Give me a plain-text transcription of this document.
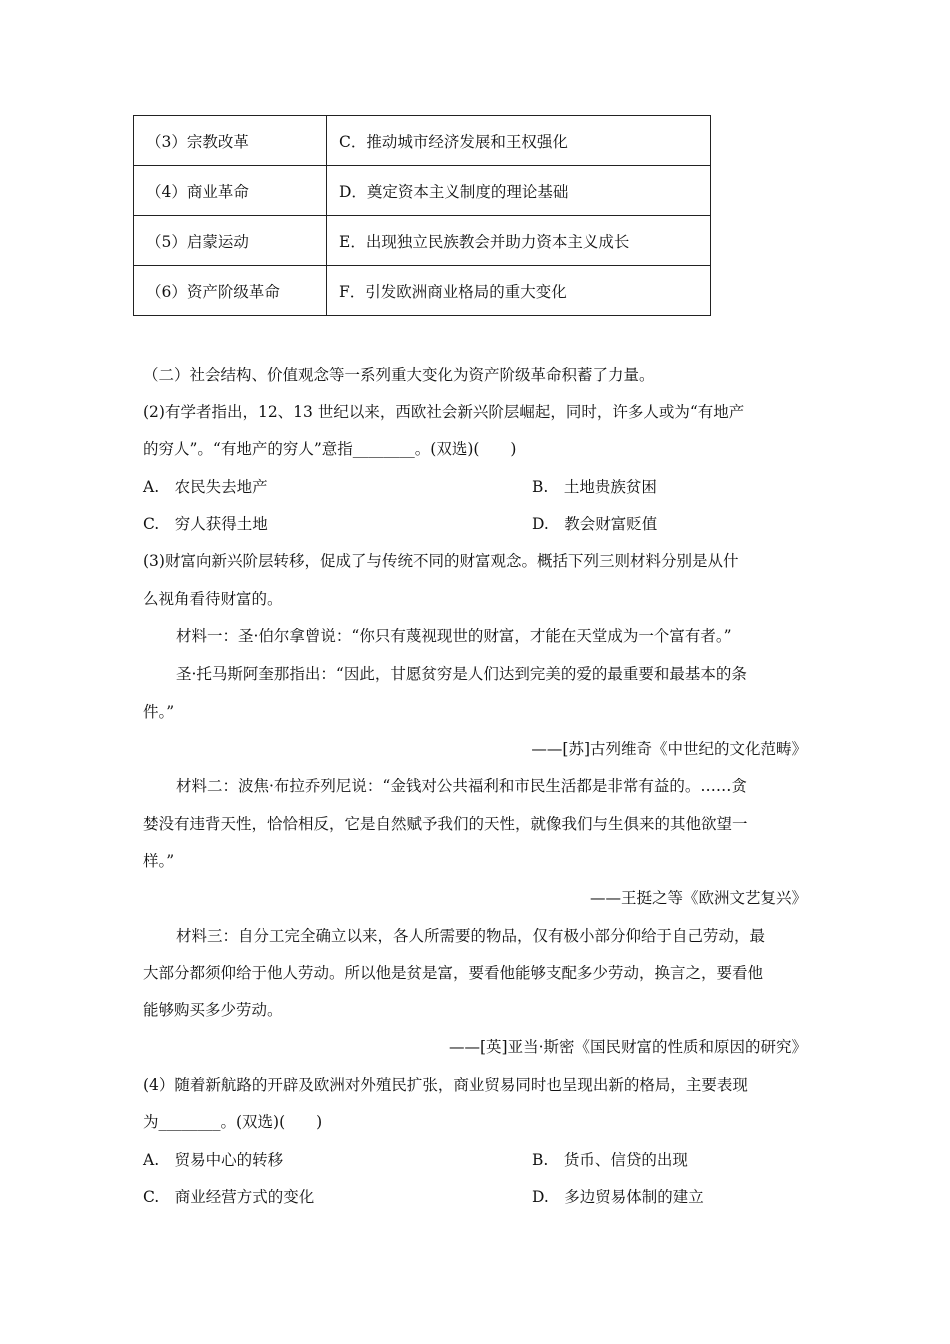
（3）宗教改革	C．推动城市经济发展和王权强化
（4）商业革命	D．奠定资本主义制度的理论基础
（5）启蒙运动	E．出现独立民族教会并助力资本主义成长
（6）资产阶级革命	F．引发欧洲商业格局的重大变化
（二）社会结构、价值观念等一系列重大变化为资产阶级革命积蓄了力量。
(2)有学者指出，12、13 世纪以来，西欧社会新兴阶层崛起，同时，许多人或为“有地产
的穷人”。“有地产的穷人”意指________。(双选)(　　)
A.　农民失去地产	B.　土地贵族贫困
C.　穷人获得土地	D.　教会财富贬值
(3)财富向新兴阶层转移，促成了与传统不同的财富观念。概括下列三则材料分别是从什
么视角看待财富的。
材料一：圣·伯尔拿曾说：“你只有蔑视现世的财富，才能在天堂成为一个富有者。”
圣·托马斯阿奎那指出：“因此，甘愿贫穷是人们达到完美的爱的最重要和最基本的条
件。”
——[苏]古列维奇《中世纪的文化范畴》
材料二：波焦·布拉乔列尼说：“金钱对公共福利和市民生活都是非常有益的。……贪
婪没有违背天性，恰恰相反，它是自然赋予我们的天性，就像我们与生俱来的其他欲望一
样。”
——王挺之等《欧洲文艺复兴》
材料三：自分工完全确立以来，各人所需要的物品，仅有极小部分仰给于自己劳动，最
大部分都须仰给于他人劳动。所以他是贫是富，要看他能够支配多少劳动，换言之，要看他
能够购买多少劳动。
——[英]亚当·斯密《国民财富的性质和原因的研究》
(4）随着新航路的开辟及欧洲对外殖民扩张，商业贸易同时也呈现出新的格局，主要表现
为________。(双选)(　　)
A.　贸易中心的转移	B.　货币、信贷的出现
C.　商业经营方式的变化	D.　多边贸易体制的建立
